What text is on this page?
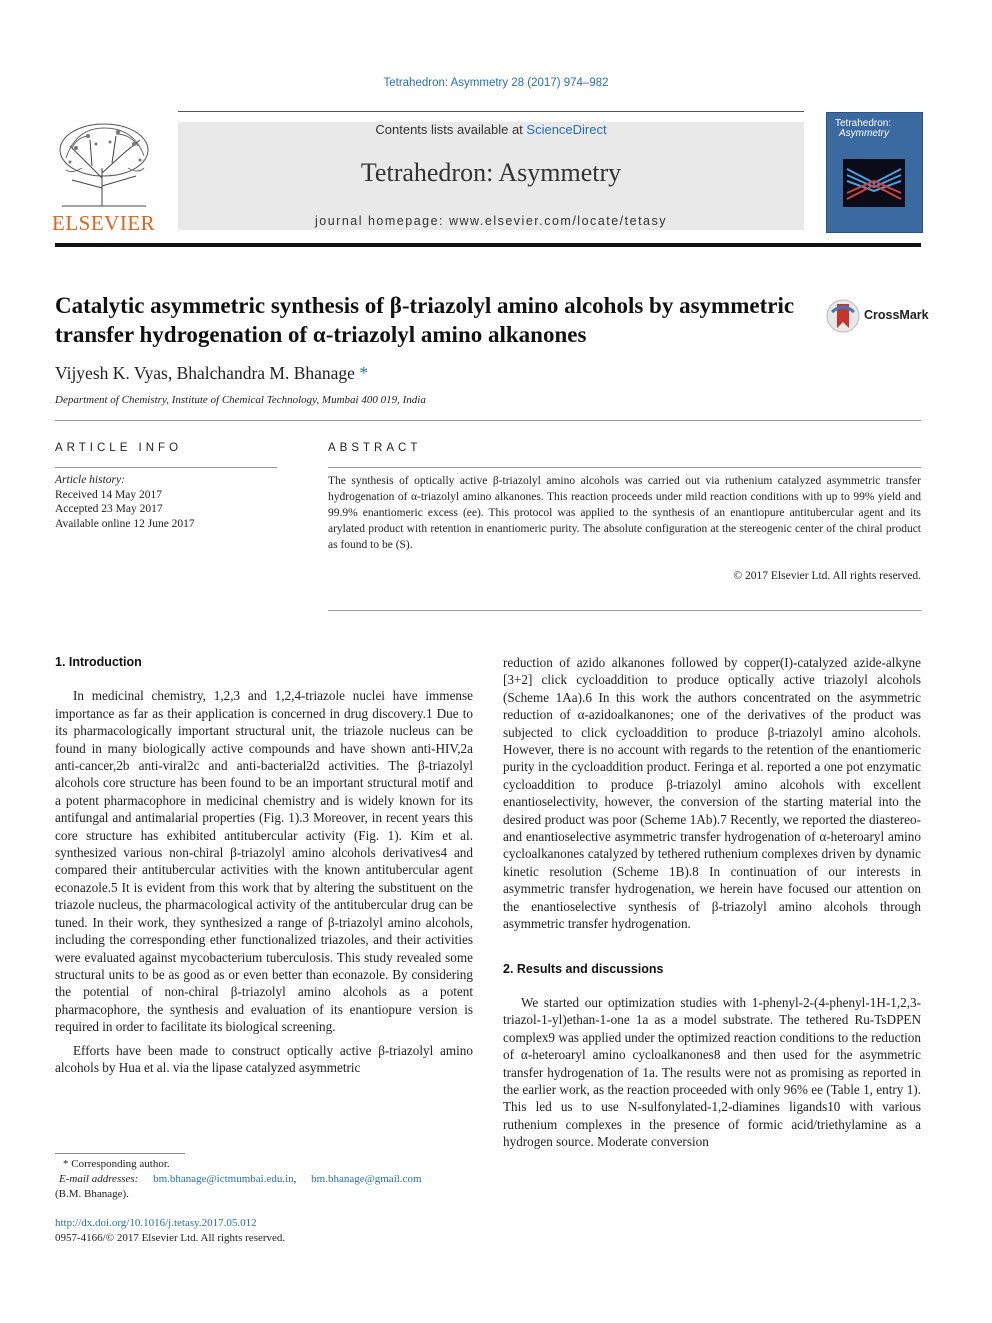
Tetrahedron: Asymmetry 28 (2017) 974–982
ELSEVIER
Contents lists available at ScienceDirect
Tetrahedron: Asymmetry
journal homepage: www.elsevier.com/locate/tetasy
Tetrahedron:
Asymmetry
Catalytic asymmetric synthesis of β-triazolyl amino alcohols by asymmetric transfer hydrogenation of α-triazolyl amino alkanones
CrossMark
Vijyesh K. Vyas, Bhalchandra M. Bhanage *
Department of Chemistry, Institute of Chemical Technology, Mumbai 400 019, India
ARTICLE INFO	ABSTRACT
Article history:
Received 14 May 2017
Accepted 23 May 2017
Available online 12 June 2017
The synthesis of optically active β-triazolyl amino alcohols was carried out via ruthenium catalyzed asymmetric transfer hydrogenation of α-triazolyl amino alkanones. This reaction proceeds under mild reaction conditions with up to 99% yield and 99.9% enantiomeric excess (ee). This protocol was applied to the synthesis of an enantiopure antitubercular agent and its arylated product with retention in enantiomeric purity. The absolute configuration at the stereogenic center of the chiral product as found to be (S).
© 2017 Elsevier Ltd. All rights reserved.
1. Introduction

In medicinal chemistry, 1,2,3 and 1,2,4-triazole nuclei have immense importance as far as their application is concerned in drug discovery.1 Due to its pharmacologically important structural unit, the triazole nucleus can be found in many biologically active compounds and have shown anti-HIV,2a anti-cancer,2b anti-viral2c and anti-bacterial2d activities. The β-triazolyl alcohols core structure has been found to be an important structural motif and a potent pharmacophore in medicinal chemistry and is widely known for its antifungal and antimalarial properties (Fig. 1).3 Moreover, in recent years this core structure has exhibited antitubercular activity (Fig. 1). Kim et al. synthesized various non-chiral β-triazolyl amino alcohols derivatives4 and compared their antitubercular activities with the known antitubercular agent econazole.5 It is evident from this work that by altering the substituent on the triazole nucleus, the pharmacological activity of the antitubercular drug can be tuned. In their work, they synthesized a range of β-triazolyl amino alcohols, including the corresponding ether functionalized triazoles, and their activities were evaluated against mycobacterium tuberculosis. This study revealed some structural units to be as good as or even better than econazole. By considering the potential of non-chiral β-triazolyl amino alcohols as a potent pharmacophore, the synthesis and evaluation of its enantiopure version is required in order to facilitate its biological screening.

Efforts have been made to construct optically active β-triazolyl amino alcohols by Hua et al. via the lipase catalyzed asymmetric

reduction of azido alkanones followed by copper(I)-catalyzed azide-alkyne [3+2] click cycloaddition to produce optically active triazolyl alcohols (Scheme 1Aa).6 In this work the authors concentrated on the asymmetric reduction of α-azidoalkanones; one of the derivatives of the product was subjected to click cycloaddition to produce β-triazolyl amino alcohols. However, there is no account with regards to the retention of the enantiomeric purity in the cycloaddition product. Feringa et al. reported a one pot enzymatic cycloaddition to produce β-triazolyl amino alcohols with excellent enantioselectivity, however, the conversion of the starting material into the desired product was poor (Scheme 1Ab).7 Recently, we reported the diastereo- and enantioselective asymmetric transfer hydrogenation of α-heteroaryl amino cycloalkanones catalyzed by tethered ruthenium complexes driven by dynamic kinetic resolution (Scheme 1B).8 In continuation of our interests in asymmetric transfer hydrogenation, we herein have focused our attention on the enantioselective synthesis of β-triazolyl amino alcohols through asymmetric transfer hydrogenation.

2. Results and discussions

We started our optimization studies with 1-phenyl-2-(4-phenyl-1H-1,2,3-triazol-1-yl)ethan-1-one 1a as a model substrate. The tethered Ru-TsDPEN complex9 was applied under the optimized reaction conditions to the reduction of α-heteroaryl amino cycloalkanones8 and then used for the asymmetric transfer hydrogenation of 1a. The results were not as promising as reported in the earlier work, as the reaction proceeded with only 96% ee (Table 1, entry 1). This led us to use N-sulfonylated-1,2-diamines ligands10 with various ruthenium complexes in the presence of formic acid/triethylamine as a hydrogen source. Moderate conversion

* Corresponding author.
E-mail addresses: bm.bhanage@ictmumbai.edu.in, bm.bhanage@gmail.com
(B.M. Bhanage).
http://dx.doi.org/10.1016/j.tetasy.2017.05.012
0957-4166/© 2017 Elsevier Ltd. All rights reserved.
